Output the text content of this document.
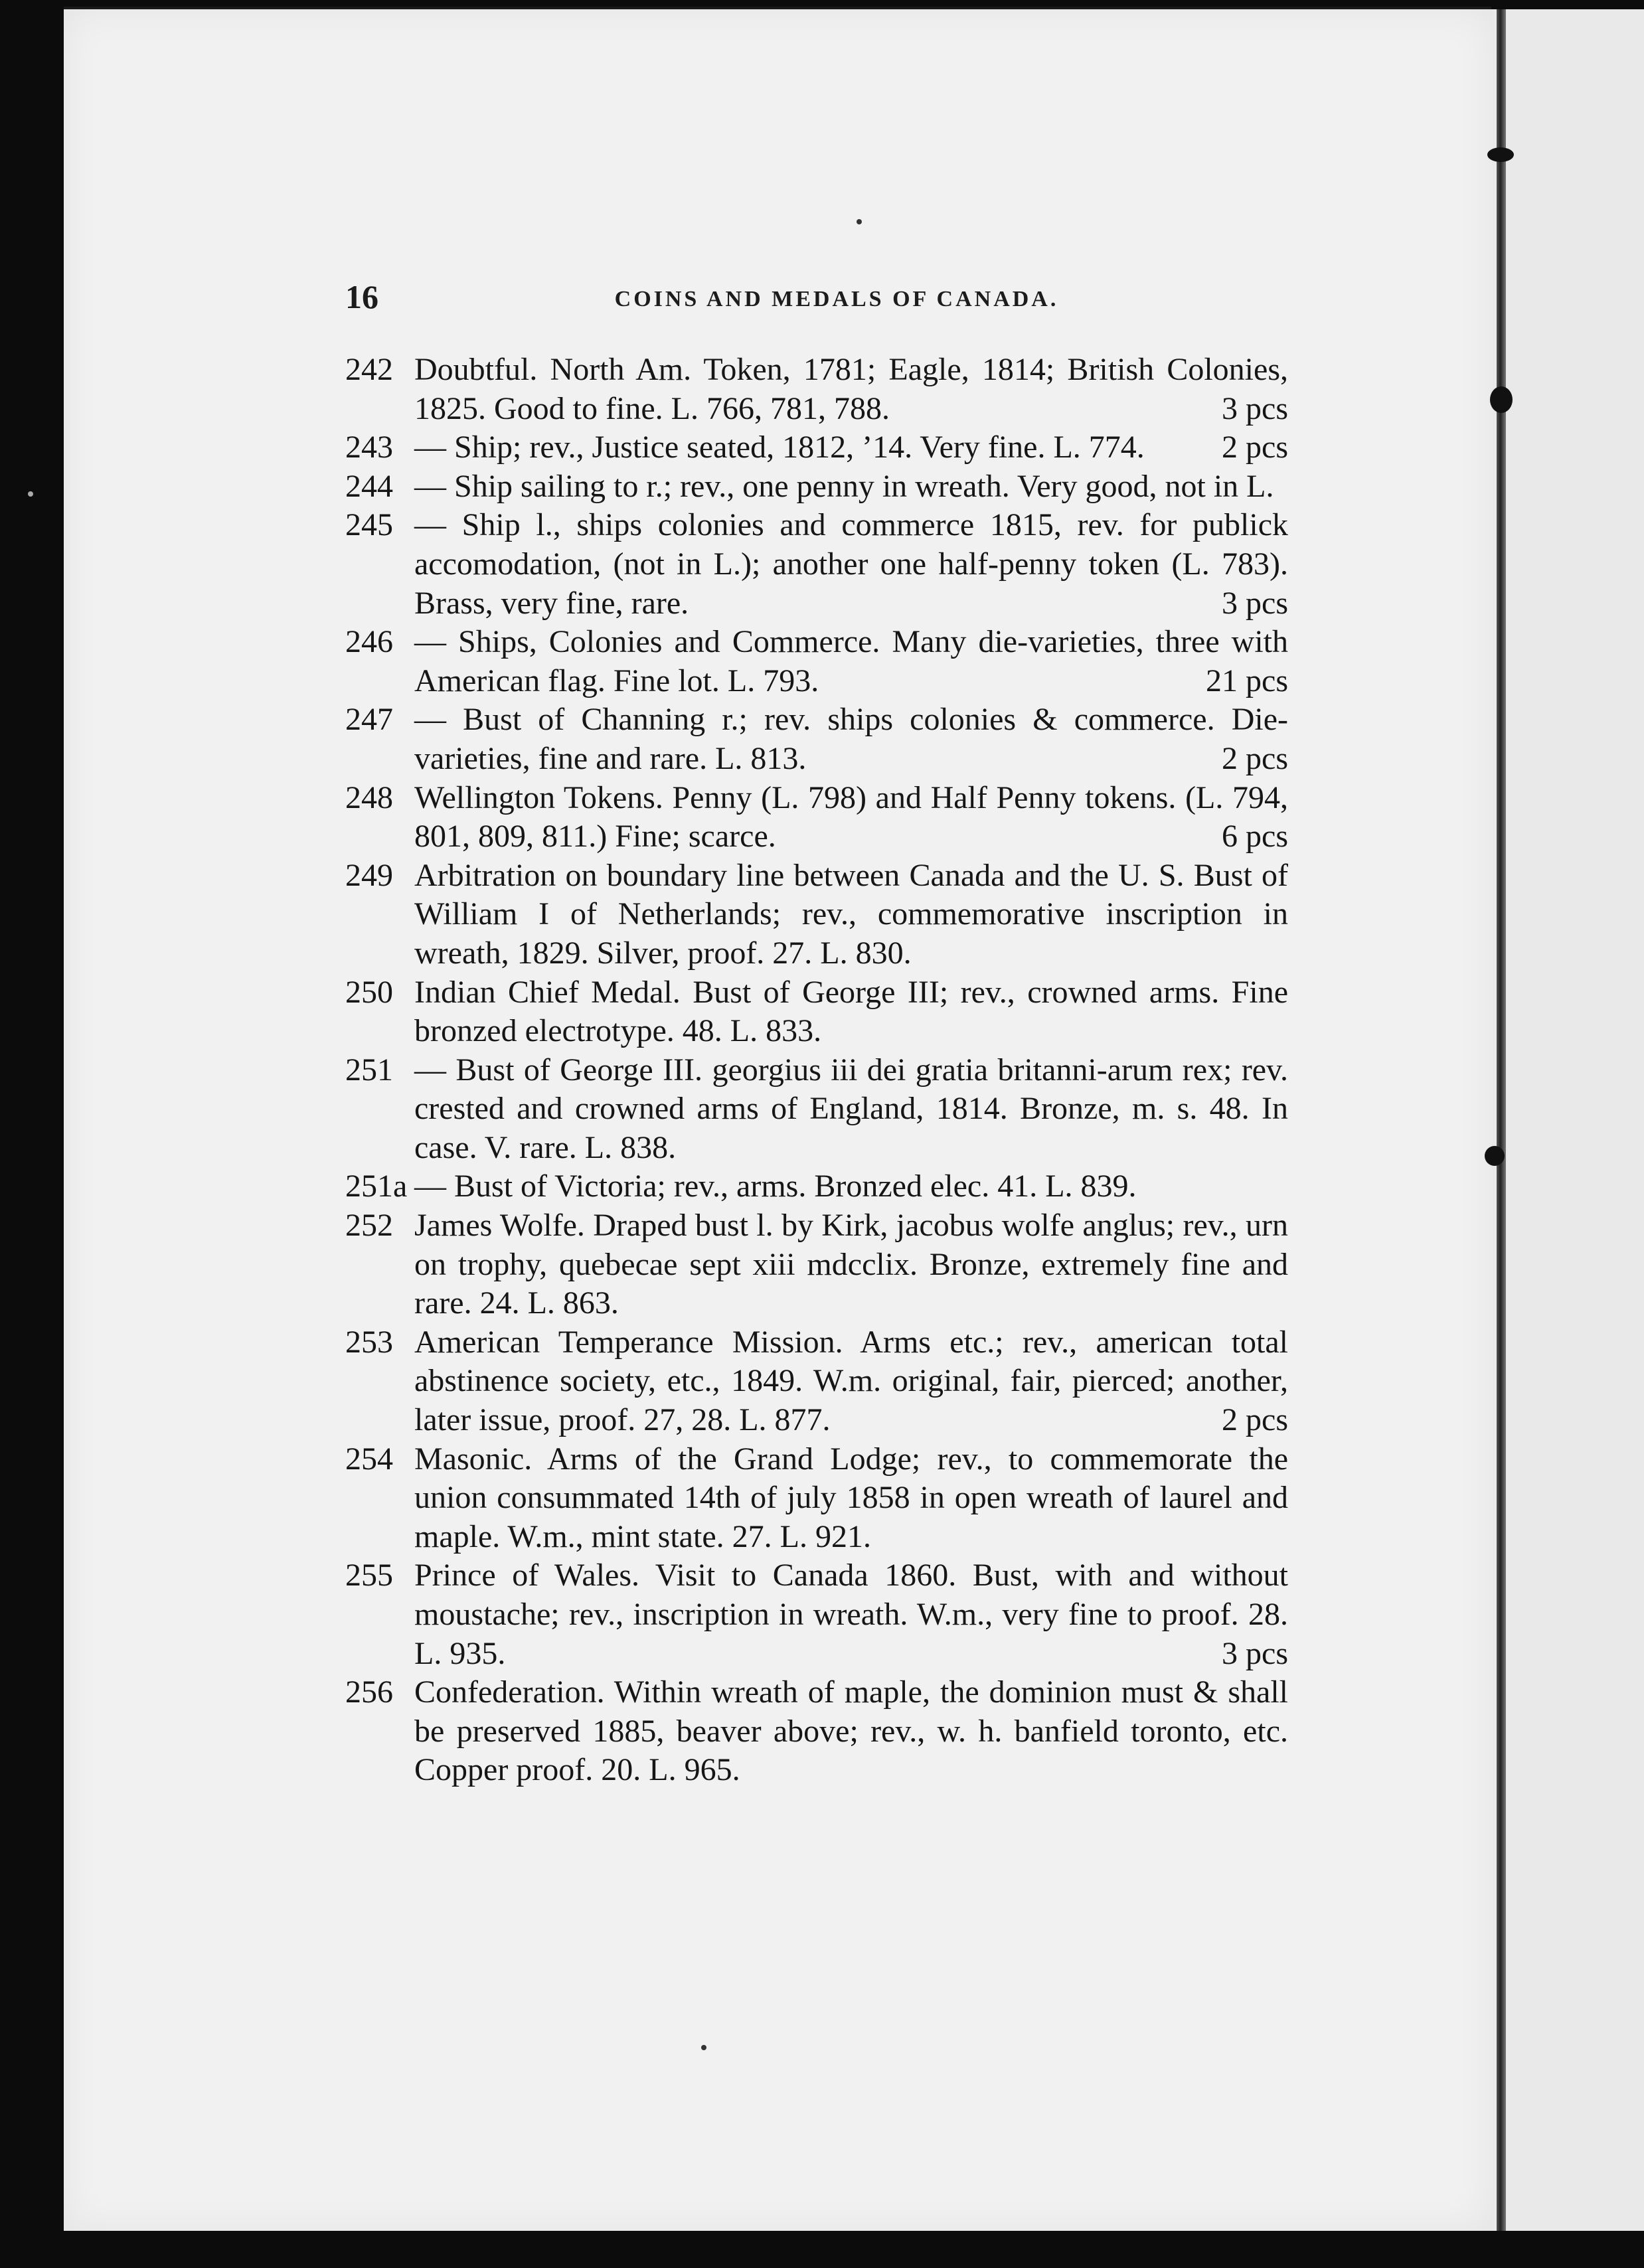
16	COINS AND MEDALS OF CANADA.

242 Doubtful. North Am. Token, 1781; Eagle, 1814; British Colonies, 1825. Good to fine. L. 766, 781, 788.	3 pcs

243 — Ship; rev., Justice seated, 1812, ’14. Very fine. L. 774. 2 pcs

244 — Ship sailing to r.; rev., one penny in wreath. Very good, not in L.

245 — Ship l., ships colonies and commerce 1815, rev. for publick accomodation, (not in L.); another one half-penny token (L. 783). Brass, very fine, rare.	3 pcs

246 — Ships, Colonies and Commerce. Many die-varieties, three with American flag. Fine lot. L. 793.	21 pcs

247 — Bust of Channing r.; rev. ships colonies & commerce. Die-varieties, fine and rare. L. 813.	2 pcs

248 Wellington Tokens. Penny (L. 798) and Half Penny tokens. (L. 794, 801, 809, 811.) Fine; scarce.	6 pcs

249 Arbitration on boundary line between Canada and the U. S. Bust of William I of Netherlands; rev., commemorative inscription in wreath, 1829. Silver, proof. 27. L. 830.

250 Indian Chief Medal. Bust of George III; rev., crowned arms. Fine bronzed electrotype. 48. L. 833.

251 — Bust of George III. georgius iii dei gratia britanni-arum rex; rev. crested and crowned arms of England, 1814. Bronze, m. s. 48. In case. V. rare. L. 838.

251a — Bust of Victoria; rev., arms. Bronzed elec. 41. L. 839.

252 James Wolfe. Draped bust l. by Kirk, jacobus wolfe anglus; rev., urn on trophy, quebecae sept xiii mdcclix. Bronze, extremely fine and rare. 24. L. 863.

253 American Temperance Mission. Arms etc.; rev., american total abstinence society, etc., 1849. W.m. original, fair, pierced; another, later issue, proof. 27, 28. L. 877.	2 pcs

254 Masonic. Arms of the Grand Lodge; rev., to commemorate the union consummated 14th of july 1858 in open wreath of laurel and maple. W.m., mint state. 27. L. 921.

255 Prince of Wales. Visit to Canada 1860. Bust, with and without moustache; rev., inscription in wreath. W.m., very fine to proof. 28. L. 935.	3 pcs

256 Confederation. Within wreath of maple, the dominion must & shall be preserved 1885, beaver above; rev., w. h. banfield toronto, etc. Copper proof. 20. L. 965.
